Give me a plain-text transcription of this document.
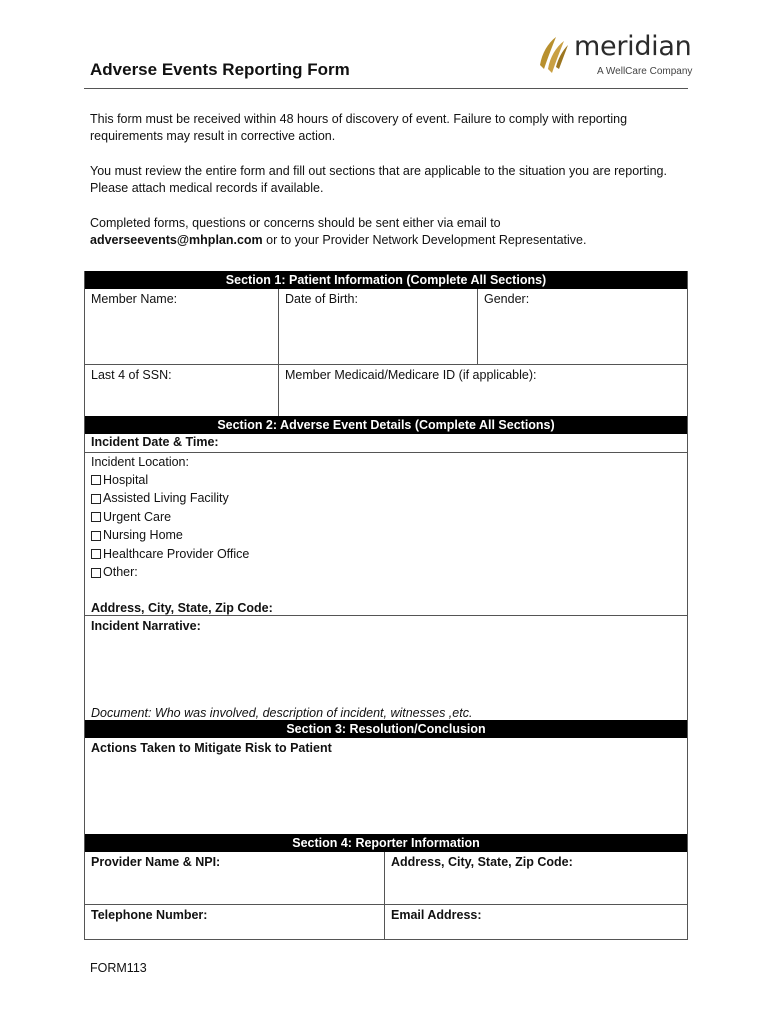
Adverse Events Reporting Form
meridian
A WellCare Company

This form must be received within 48 hours of discovery of event. Failure to comply with reporting requirements may result in corrective action.

You must review the entire form and fill out sections that are applicable to the situation you are reporting. Please attach medical records if available.

Completed forms, questions or concerns should be sent either via email to
adverseevents@mhplan.com or to your Provider Network Development Representative.

Section 1: Patient Information (Complete All Sections)
Member Name:	Date of Birth:	Gender:
Last 4 of SSN:	Member Medicaid/Medicare ID (if applicable):
Section 2: Adverse Event Details (Complete All Sections)
Incident Date & Time:
Incident Location:
Hospital
Assisted Living Facility
Urgent Care
Nursing Home
Healthcare Provider Office
Other:
Address, City, State, Zip Code:
Incident Narrative:
Document: Who was involved, description of incident, witnesses ,etc.
Section 3: Resolution/Conclusion
Actions Taken to Mitigate Risk to Patient
Section 4: Reporter Information
Provider Name & NPI:	Address, City, State, Zip Code:
Telephone Number:	Email Address:
FORM113
